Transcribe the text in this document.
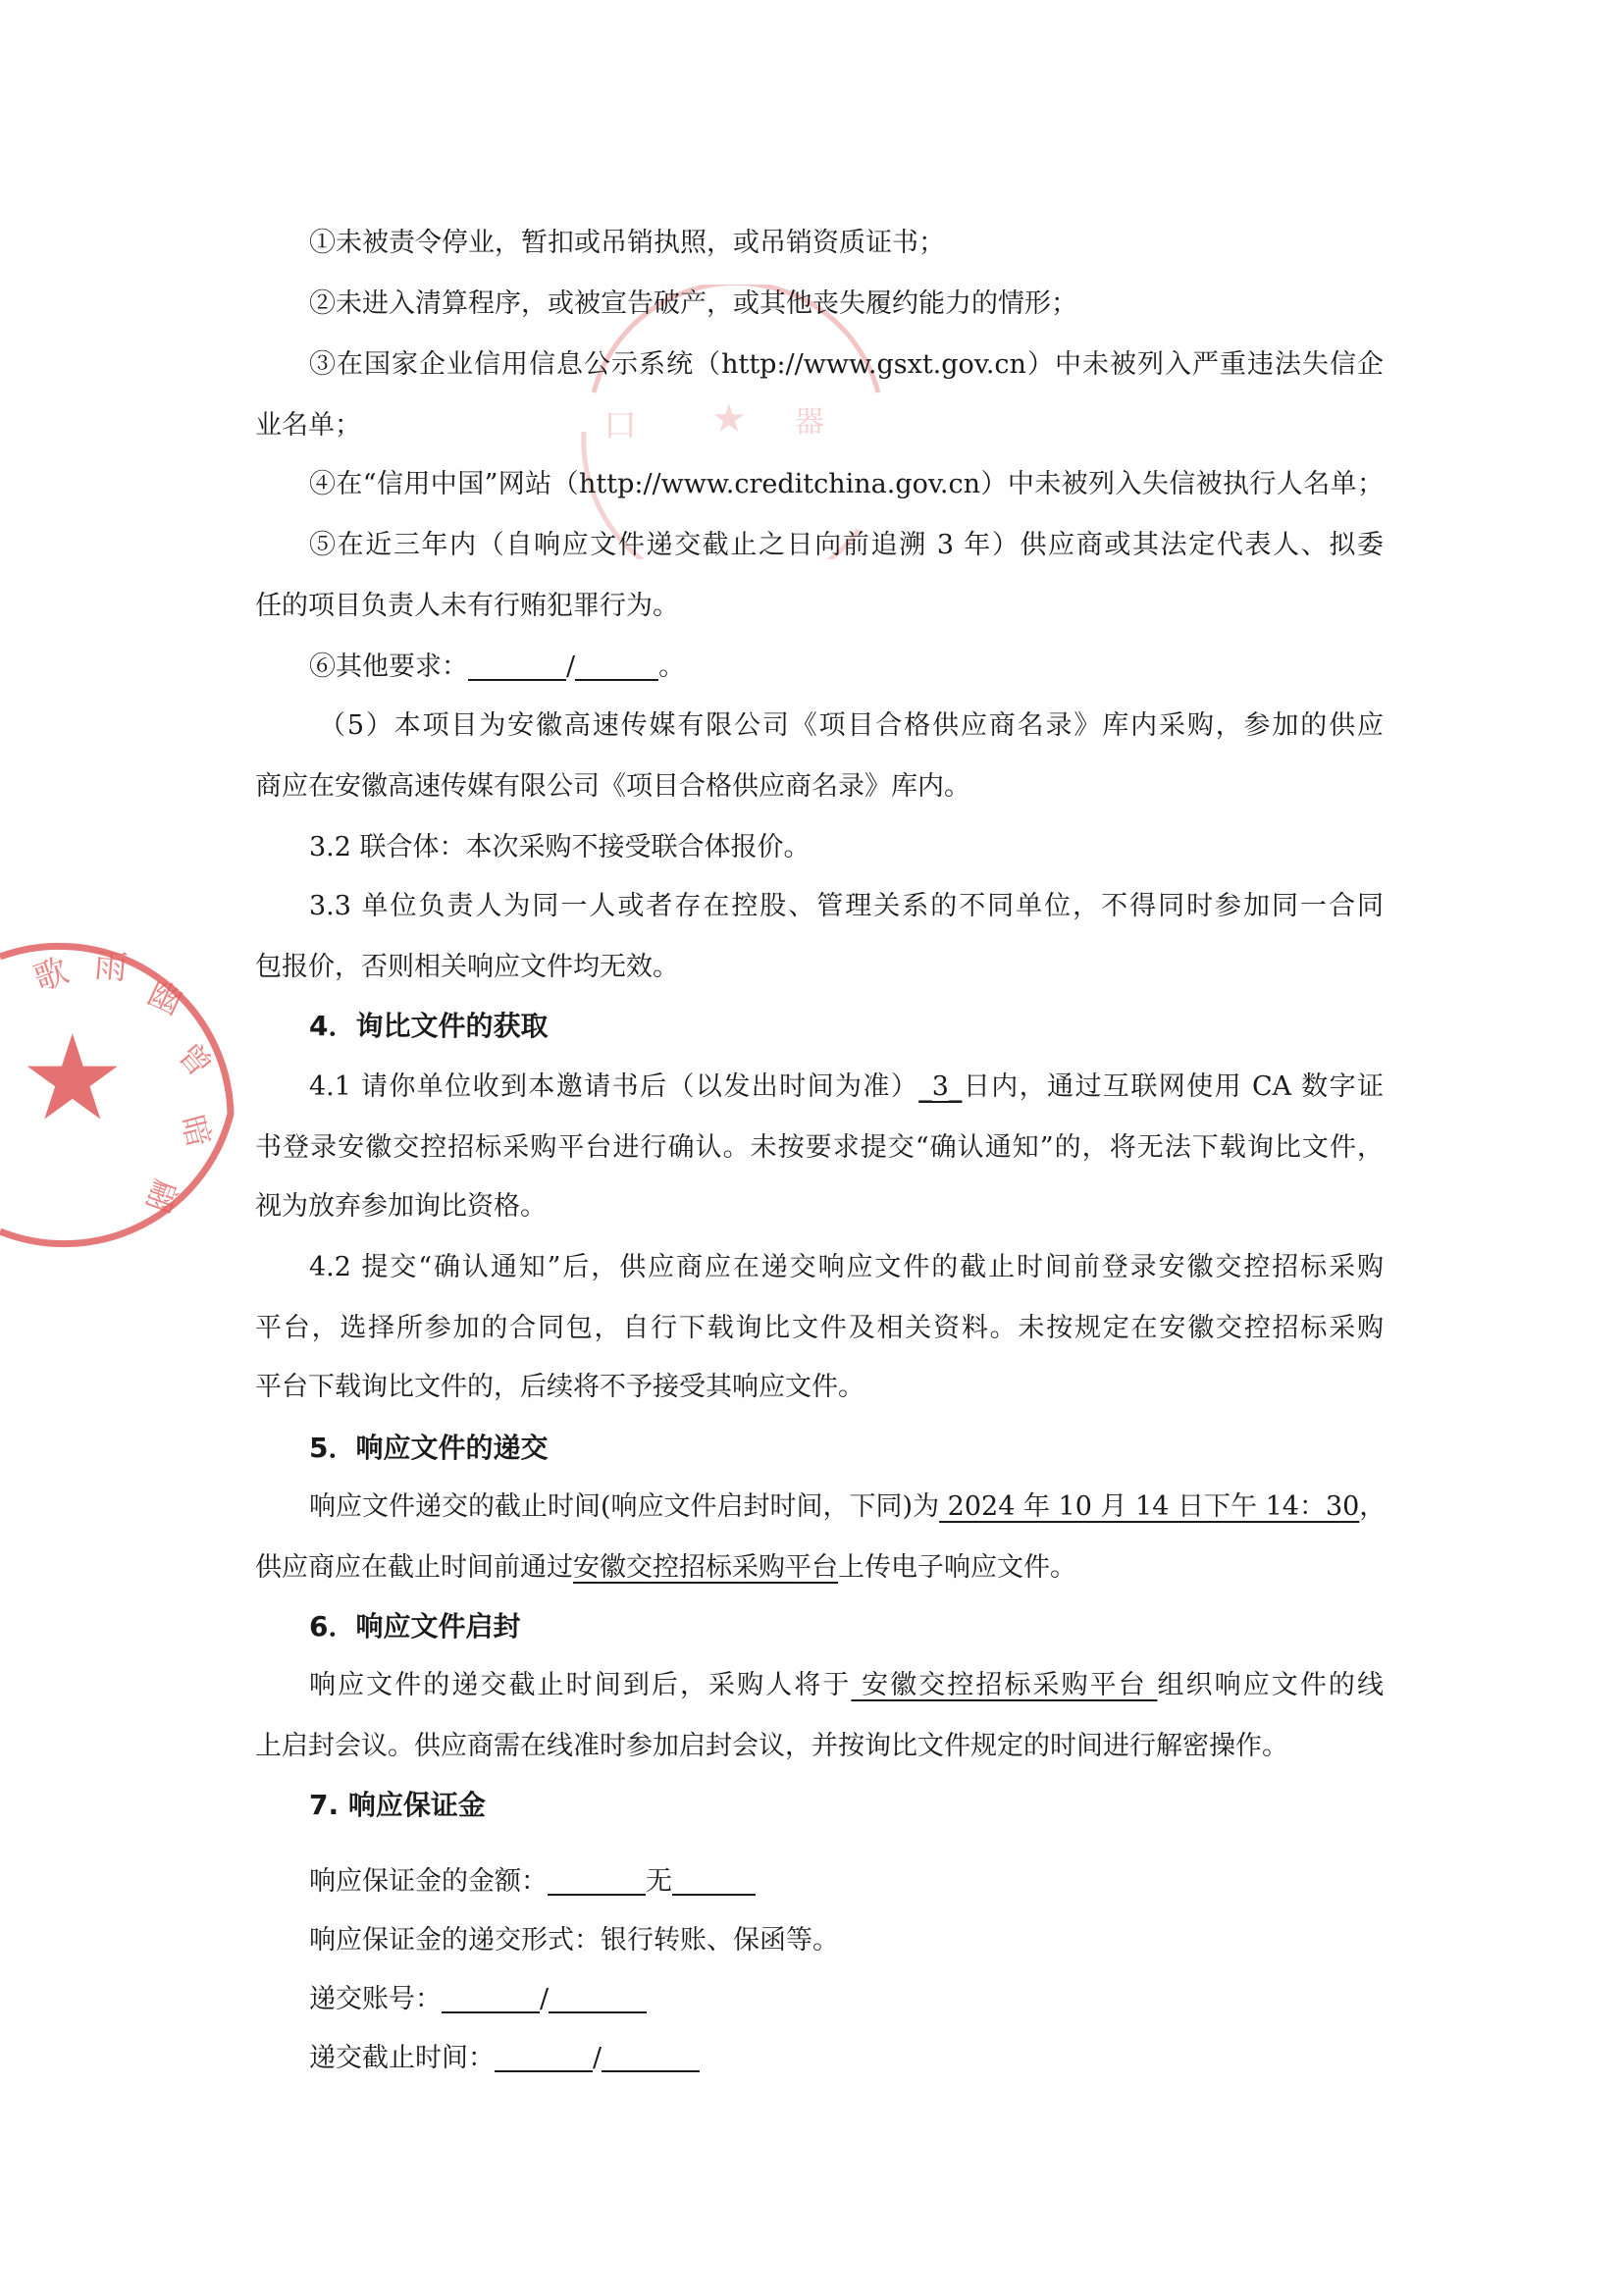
★
口	器
★
歌 雨
幽
曾
暗
翩
①未被责令停业，暂扣或吊销执照，或吊销资质证书；
②未进入清算程序，或被宣告破产，或其他丧失履约能力的情形；
③在国家企业信用信息公示系统（http://www.gsxt.gov.cn）中未被列入严重违法失信企
业名单；
④在“信用中国”网站（http://www.creditchina.gov.cn）中未被列入失信被执行人名单；
⑤在近三年内（自响应文件递交截止之日向前追溯 3 年）供应商或其法定代表人、拟委
任的项目负责人未有行贿犯罪行为。
⑥其他要求：	/	。
（5）本项目为安徽高速传媒有限公司《项目合格供应商名录》库内采购，参加的供应
商应在安徽高速传媒有限公司《项目合格供应商名录》库内。
3.2 联合体：本次采购不接受联合体报价。
3.3 单位负责人为同一人或者存在控股、管理关系的不同单位，不得同时参加同一合同
包报价，否则相关响应文件均无效。
4．询比文件的获取
4.1 请你单位收到本邀请书后（以发出时间为准）_3_日内，通过互联网使用 CA 数字证
书登录安徽交控招标采购平台进行确认。未按要求提交“确认通知”的，将无法下载询比文件，
视为放弃参加询比资格。
4.2 提交“确认通知”后，供应商应在递交响应文件的截止时间前登录安徽交控招标采购
平台，选择所参加的合同包，自行下载询比文件及相关资料。未按规定在安徽交控招标采购
平台下载询比文件的，后续将不予接受其响应文件。
5．响应文件的递交
响应文件递交的截止时间(响应文件启封时间，下同)为 2024 年 10 月 14 日下午 14：30，
供应商应在截止时间前通过安徽交控招标采购平台上传电子响应文件。
6．响应文件启封
响应文件的递交截止时间到后，采购人将于 安徽交控招标采购平台 组织响应文件的线
上启封会议。供应商需在线准时参加启封会议，并按询比文件规定的时间进行解密操作。
7. 响应保证金
响应保证金的金额：	无
响应保证金的递交形式：银行转账、保函等。
递交账号：	/
递交截止时间：	/
